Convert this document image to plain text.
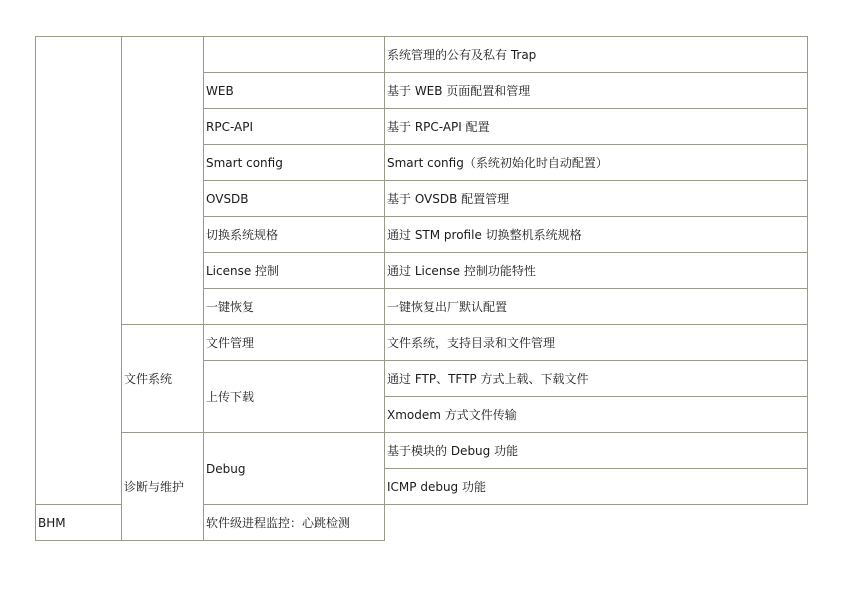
			系统管理的公有及私有 Trap
		WEB	基于 WEB 页面配置和管理
		RPC-API	基于 RPC-API 配置
		Smart config	Smart config（系统初始化时自动配置）
		OVSDB	基于 OVSDB 配置管理
		切换系统规格	通过 STM profile 切换整机系统规格
		License 控制	通过 License 控制功能特性
		一键恢复	一键恢复出厂默认配置
	文件系统	文件管理	文件系统，支持目录和文件管理
		上传下载	通过 FTP、TFTP 方式上载、下载文件
			Xmodem 方式文件传输
	诊断与维护	Debug	基于模块的 Debug 功能
			ICMP debug 功能
BHM		软件级进程监控：心跳检测	
